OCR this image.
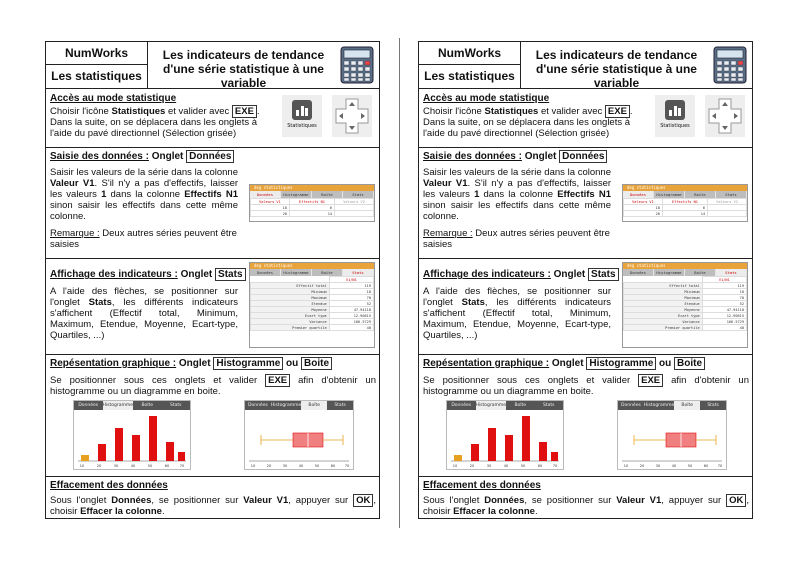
NumWorks
Les statistiques
Les indicateurs de tendance d'une série statistique à une variable
Accès au mode statistique
Choisir l'icône Statistiques et valider avec EXE . Dans la suite, on se déplacera dans les onglets à l'aide du pavé directionnel (Sélection grisée)
Statistiques
Saisie des données : Onglet Données
Saisir les valeurs de la série dans la colonne Valeur V1. S'il n'y a pas d'effectifs, laisser les valeurs 1 dans la colonne Effectifs N1 sinon saisir les effectifs dans cette même colonne.
Remarque : Deux autres séries peuvent être saisies
deg statistiques
Données	Histogramme	Boîte	Stats
Valeurs V1	Effectifs N1	Valeurs V2
18	6	
20	14	
Affichage des indicateurs : Onglet Stats
A l'aide des flèches, se positionner sur l'onglet Stats, les différents indicateurs s'affichent (Effectif total, Minimum, Maximum, Etendue, Moyenne, Ecart-type, Quartiles, ...)
deg statistiques
Données	Histogramme	Boîte	Stats
	V1/N1
Effectif total	119
Minimum	18
Maximum	70
Etendue	52
Moyenne	47.94118
Ecart type	12.90615
Variance	166.5729
Premier quartile	40
Repésentation graphique : Onglet Histogramme ou Boite
Se positionner sous ces onglets et valider EXE afin d'obtenir un histogramme ou un diagramme en boite.
Données Histogramme	Boîte	Stats
10	20	30	40	50	60	70
Données Histogramme	Boîte	Stats
10	20	30	40	50	60	70
Effacement des données
Sous l'onglet Données, se positionner sur Valeur V1, appuyer sur OK , choisir Effacer la colonne.
NumWorks
Les statistiques
Les indicateurs de tendance d'une série statistique à une variable
Accès au mode statistique
Choisir l'icône Statistiques et valider avec EXE . Dans la suite, on se déplacera dans les onglets à l'aide du pavé directionnel (Sélection grisée)
Statistiques
Saisie des données : Onglet Données
Saisir les valeurs de la série dans la colonne Valeur V1. S'il n'y a pas d'effectifs, laisser les valeurs 1 dans la colonne Effectifs N1 sinon saisir les effectifs dans cette même colonne.
Remarque : Deux autres séries peuvent être saisies
deg statistiques
Données	Histogramme	Boîte	Stats
Valeurs V1	Effectifs N1	Valeurs V2
18	6	
20	14	
Affichage des indicateurs : Onglet Stats
A l'aide des flèches, se positionner sur l'onglet Stats, les différents indicateurs s'affichent (Effectif total, Minimum, Maximum, Etendue, Moyenne, Ecart-type, Quartiles, ...)
deg statistiques
Données	Histogramme	Boîte	Stats
	V1/N1
Effectif total	119
Minimum	18
Maximum	70
Etendue	52
Moyenne	47.94118
Ecart type	12.90615
Variance	166.5729
Premier quartile	40
Repésentation graphique : Onglet Histogramme ou Boite
Se positionner sous ces onglets et valider EXE afin d'obtenir un histogramme ou un diagramme en boite.
Données Histogramme	Boîte	Stats
10	20	30	40	50	60	70
Données Histogramme	Boîte	Stats
10	20	30	40	50	60	70
Effacement des données
Sous l'onglet Données, se positionner sur Valeur V1, appuyer sur OK , choisir Effacer la colonne.
